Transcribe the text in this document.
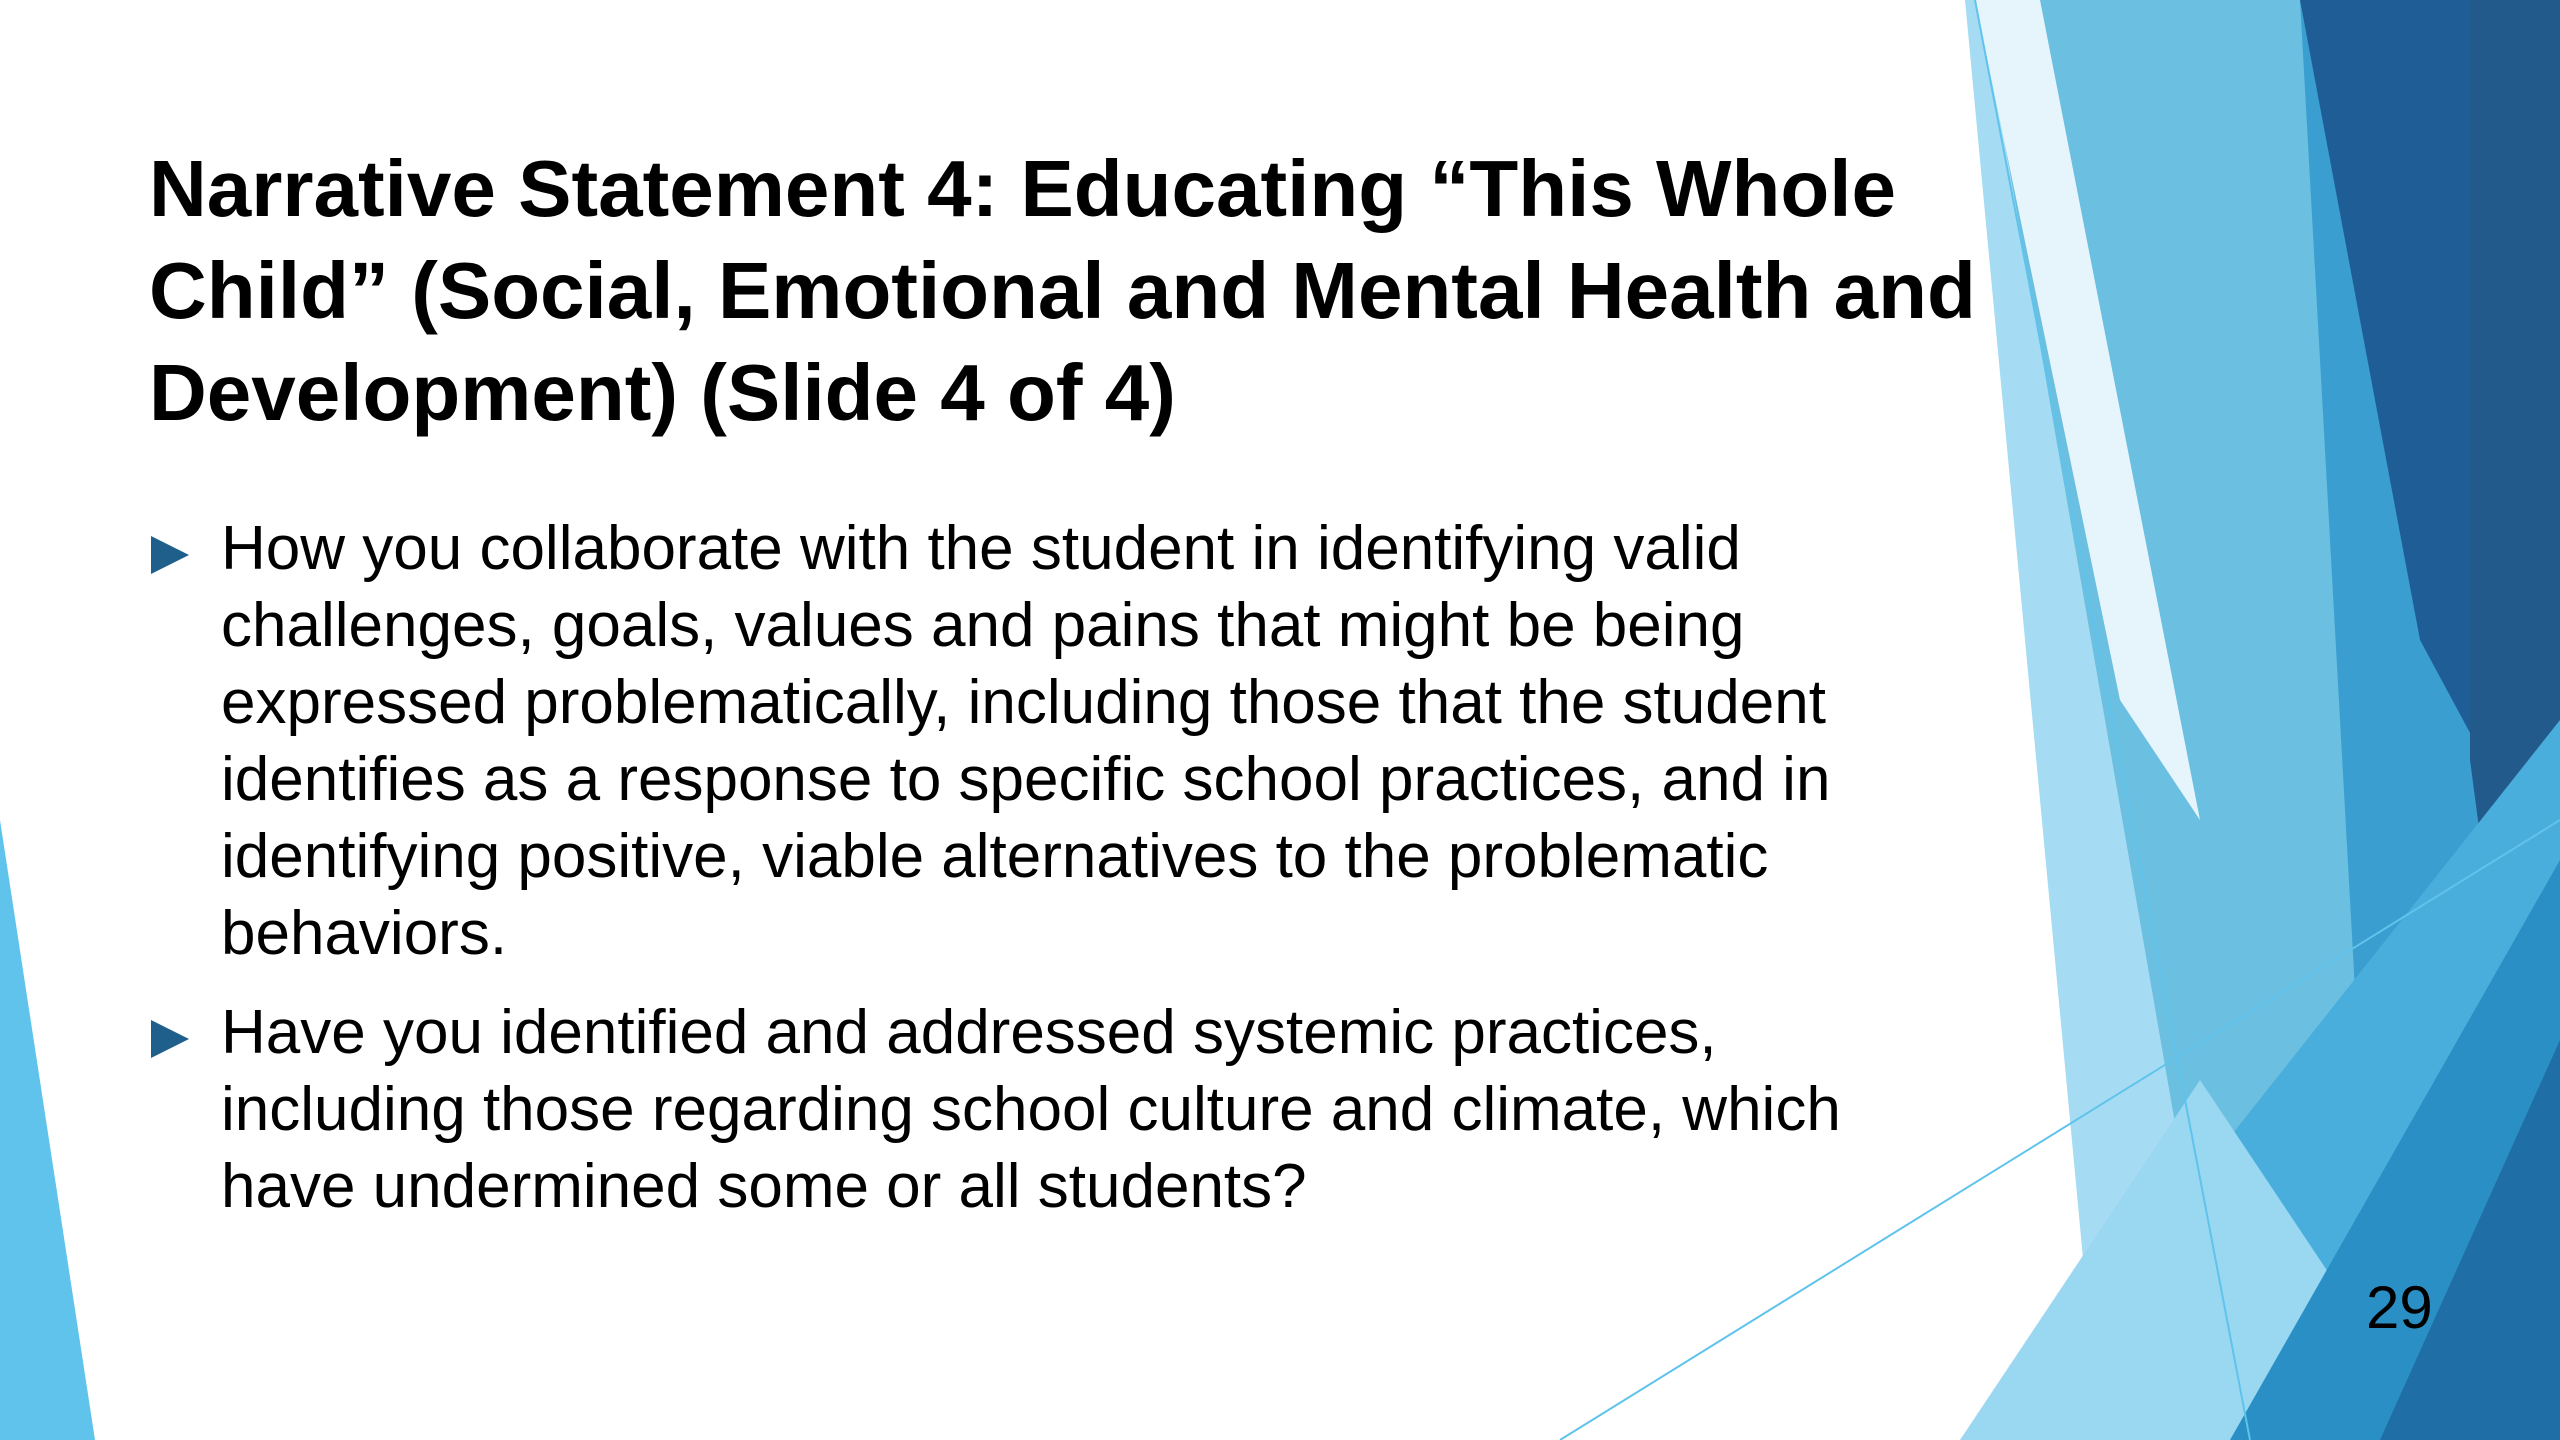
Narrative Statement 4: Educating “This Whole
Child” (Social, Emotional and Mental Health and
Development) (Slide 4 of 4)
How you collaborate with the student in identifying valid
challenges, goals, values and pains that might be being
expressed problematically, including those that the student
identifies as a response to specific school practices, and in
identifying positive, viable alternatives to the problematic
behaviors.
Have you identified and addressed systemic practices,
including those regarding school culture and climate, which
have undermined some or all students?
29
